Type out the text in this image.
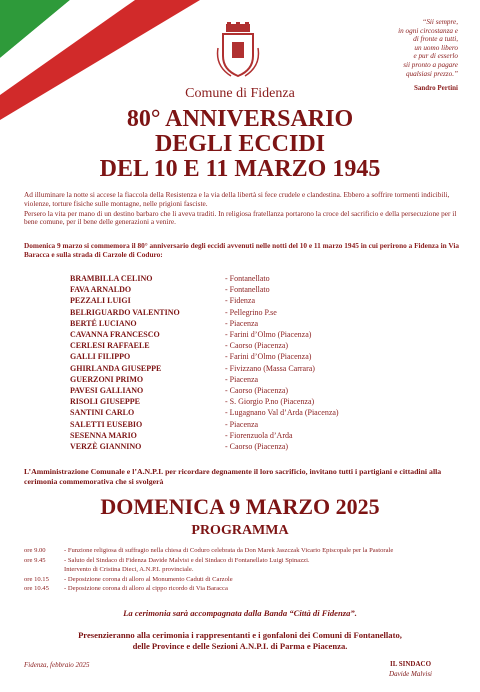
“Sii sempre,
in ogni circostanza e
di fronte a tutti,
un uomo libero
e pur di esserlo
sii pronto a pagare
qualsiasi prezzo.”
Sandro Pertini
Comune di Fidenza
80° ANNIVERSARIO
DEGLI ECCIDI
DEL 10 E 11 MARZO 1945

Ad illuminare la notte si accese la fiaccola della Resistenza e la via della libertà si fece crudele e clandestina. Ebbero a soffrire tormenti indicibili, violenze, torture fisiche sulle montagne, nelle prigioni fasciste.

Persero la vita per mano di un destino barbaro che li aveva traditi. In religiosa fratellanza portarono la croce del sacrificio e della persecuzione per il bene comune, per il bene delle generazioni a venire.

Domenica 9 marzo si commemora il 80° anniversario degli eccidi avvenuti nelle notti del 10 e 11 marzo 1945 in cui perirono a Fidenza in Via Baracca e sulla strada di Carzole di Coduro:
BRAMBILLA CELINO	- Fontanellato
FAVA ARNALDO	- Fontanellato
PEZZALI LUIGI	- Fidenza
BELRIGUARDO VALENTINO	- Pellegrino P.se
BERTÉ LUCIANO	- Piacenza
CAVANNA FRANCESCO	- Farini d’Olmo (Piacenza)
CERLESI RAFFAELE	- Caorso (Piacenza)
GALLI FILIPPO	- Farini d’Olmo (Piacenza)
GHIRLANDA GIUSEPPE	- Fivizzano (Massa Carrara)
GUERZONI PRIMO	- Piacenza
PAVESI GALLIANO	- Caorso (Piacenza)
RISOLI GIUSEPPE	- S. Giorgio P.no (Piacenza)
SANTINI CARLO	- Lugagnano Val d’Arda (Piacenza)
SALETTI EUSEBIO	- Piacenza
SESENNA MARIO	- Fiorenzuola d’Arda
VERZÈ GIANNINO	- Caorso (Piacenza)
L’Amministrazione Comunale e l’A.N.P.I. per ricordare degnamente il loro sacrificio, invitano tutti i partigiani e cittadini alla cerimonia commemorativa che si svolgerà
DOMENICA 9 MARZO 2025
PROGRAMMA
ore 9.00	- Funzione religiosa di suffragio nella chiesa di Coduro celebrata da Don Marek Jaszczak Vicario Episcopale per la Pastorale
ore 9.45	- Saluto del Sindaco di Fidenza Davide Malvisi e del Sindaco di Fontanellato Luigi Spinazzi.
Intervento di Cristina Dieci, A.N.P.I. provinciale.
ore 10.15	- Deposizione corona di alloro al Monumento Caduti di Carzole
ore 10.45	- Deposizione corona di alloro al cippo ricordo di Via Baracca
La cerimonia sarà accompagnata dalla Banda “Città di Fidenza”.
Presenzieranno alla cerimonia i rappresentanti e i gonfaloni dei Comuni di Fontanellato,
delle Province e delle Sezioni A.N.P.I. di Parma e Piacenza.
Fidenza, febbraio 2025	IL SINDACO
Davide Malvisi
